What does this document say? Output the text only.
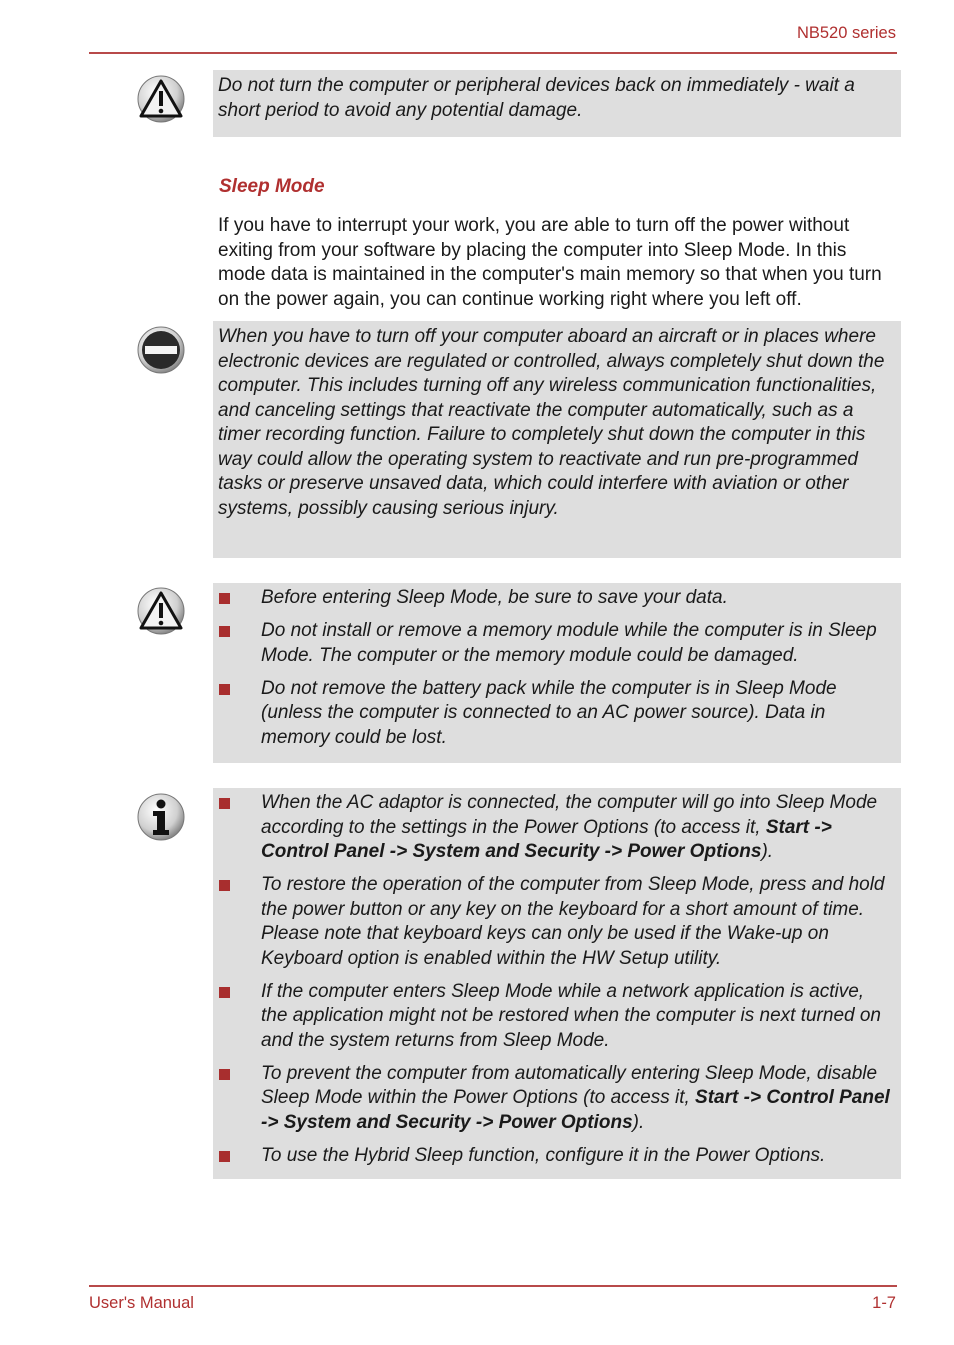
NB520 series

Do not turn the computer or peripheral devices back on immediately - wait a short period to avoid any potential damage.

Sleep Mode

If you have to interrupt your work, you are able to turn off the power without exiting from your software by placing the computer into Sleep Mode. In this mode data is maintained in the computer's main memory so that when you turn on the power again, you can continue working right where you left off.

When you have to turn off your computer aboard an aircraft or in places where electronic devices are regulated or controlled, always completely shut down the computer. This includes turning off any wireless communication functionalities, and canceling settings that reactivate the computer automatically, such as a timer recording function. Failure to completely shut down the computer in this way could allow the operating system to reactivate and run pre-programmed tasks or preserve unsaved data, which could interfere with aviation or other systems, possibly causing serious injury.

Before entering Sleep Mode, be sure to save your data.
Do not install or remove a memory module while the computer is in Sleep Mode. The computer or the memory module could be damaged.
Do not remove the battery pack while the computer is in Sleep Mode (unless the computer is connected to an AC power source). Data in memory could be lost.
When the AC adaptor is connected, the computer will go into Sleep Mode according to the settings in the Power Options (to access it, Start -> Control Panel -> System and Security -> Power Options).
To restore the operation of the computer from Sleep Mode, press and hold the power button or any key on the keyboard for a short amount of time. Please note that keyboard keys can only be used if the Wake-up on Keyboard option is enabled within the HW Setup utility.
If the computer enters Sleep Mode while a network application is active, the application might not be restored when the computer is next turned on and the system returns from Sleep Mode.
To prevent the computer from automatically entering Sleep Mode, disable Sleep Mode within the Power Options (to access it, Start -> Control Panel -> System and Security -> Power Options).
To use the Hybrid Sleep function, configure it in the Power Options.
User's Manual	1-7
